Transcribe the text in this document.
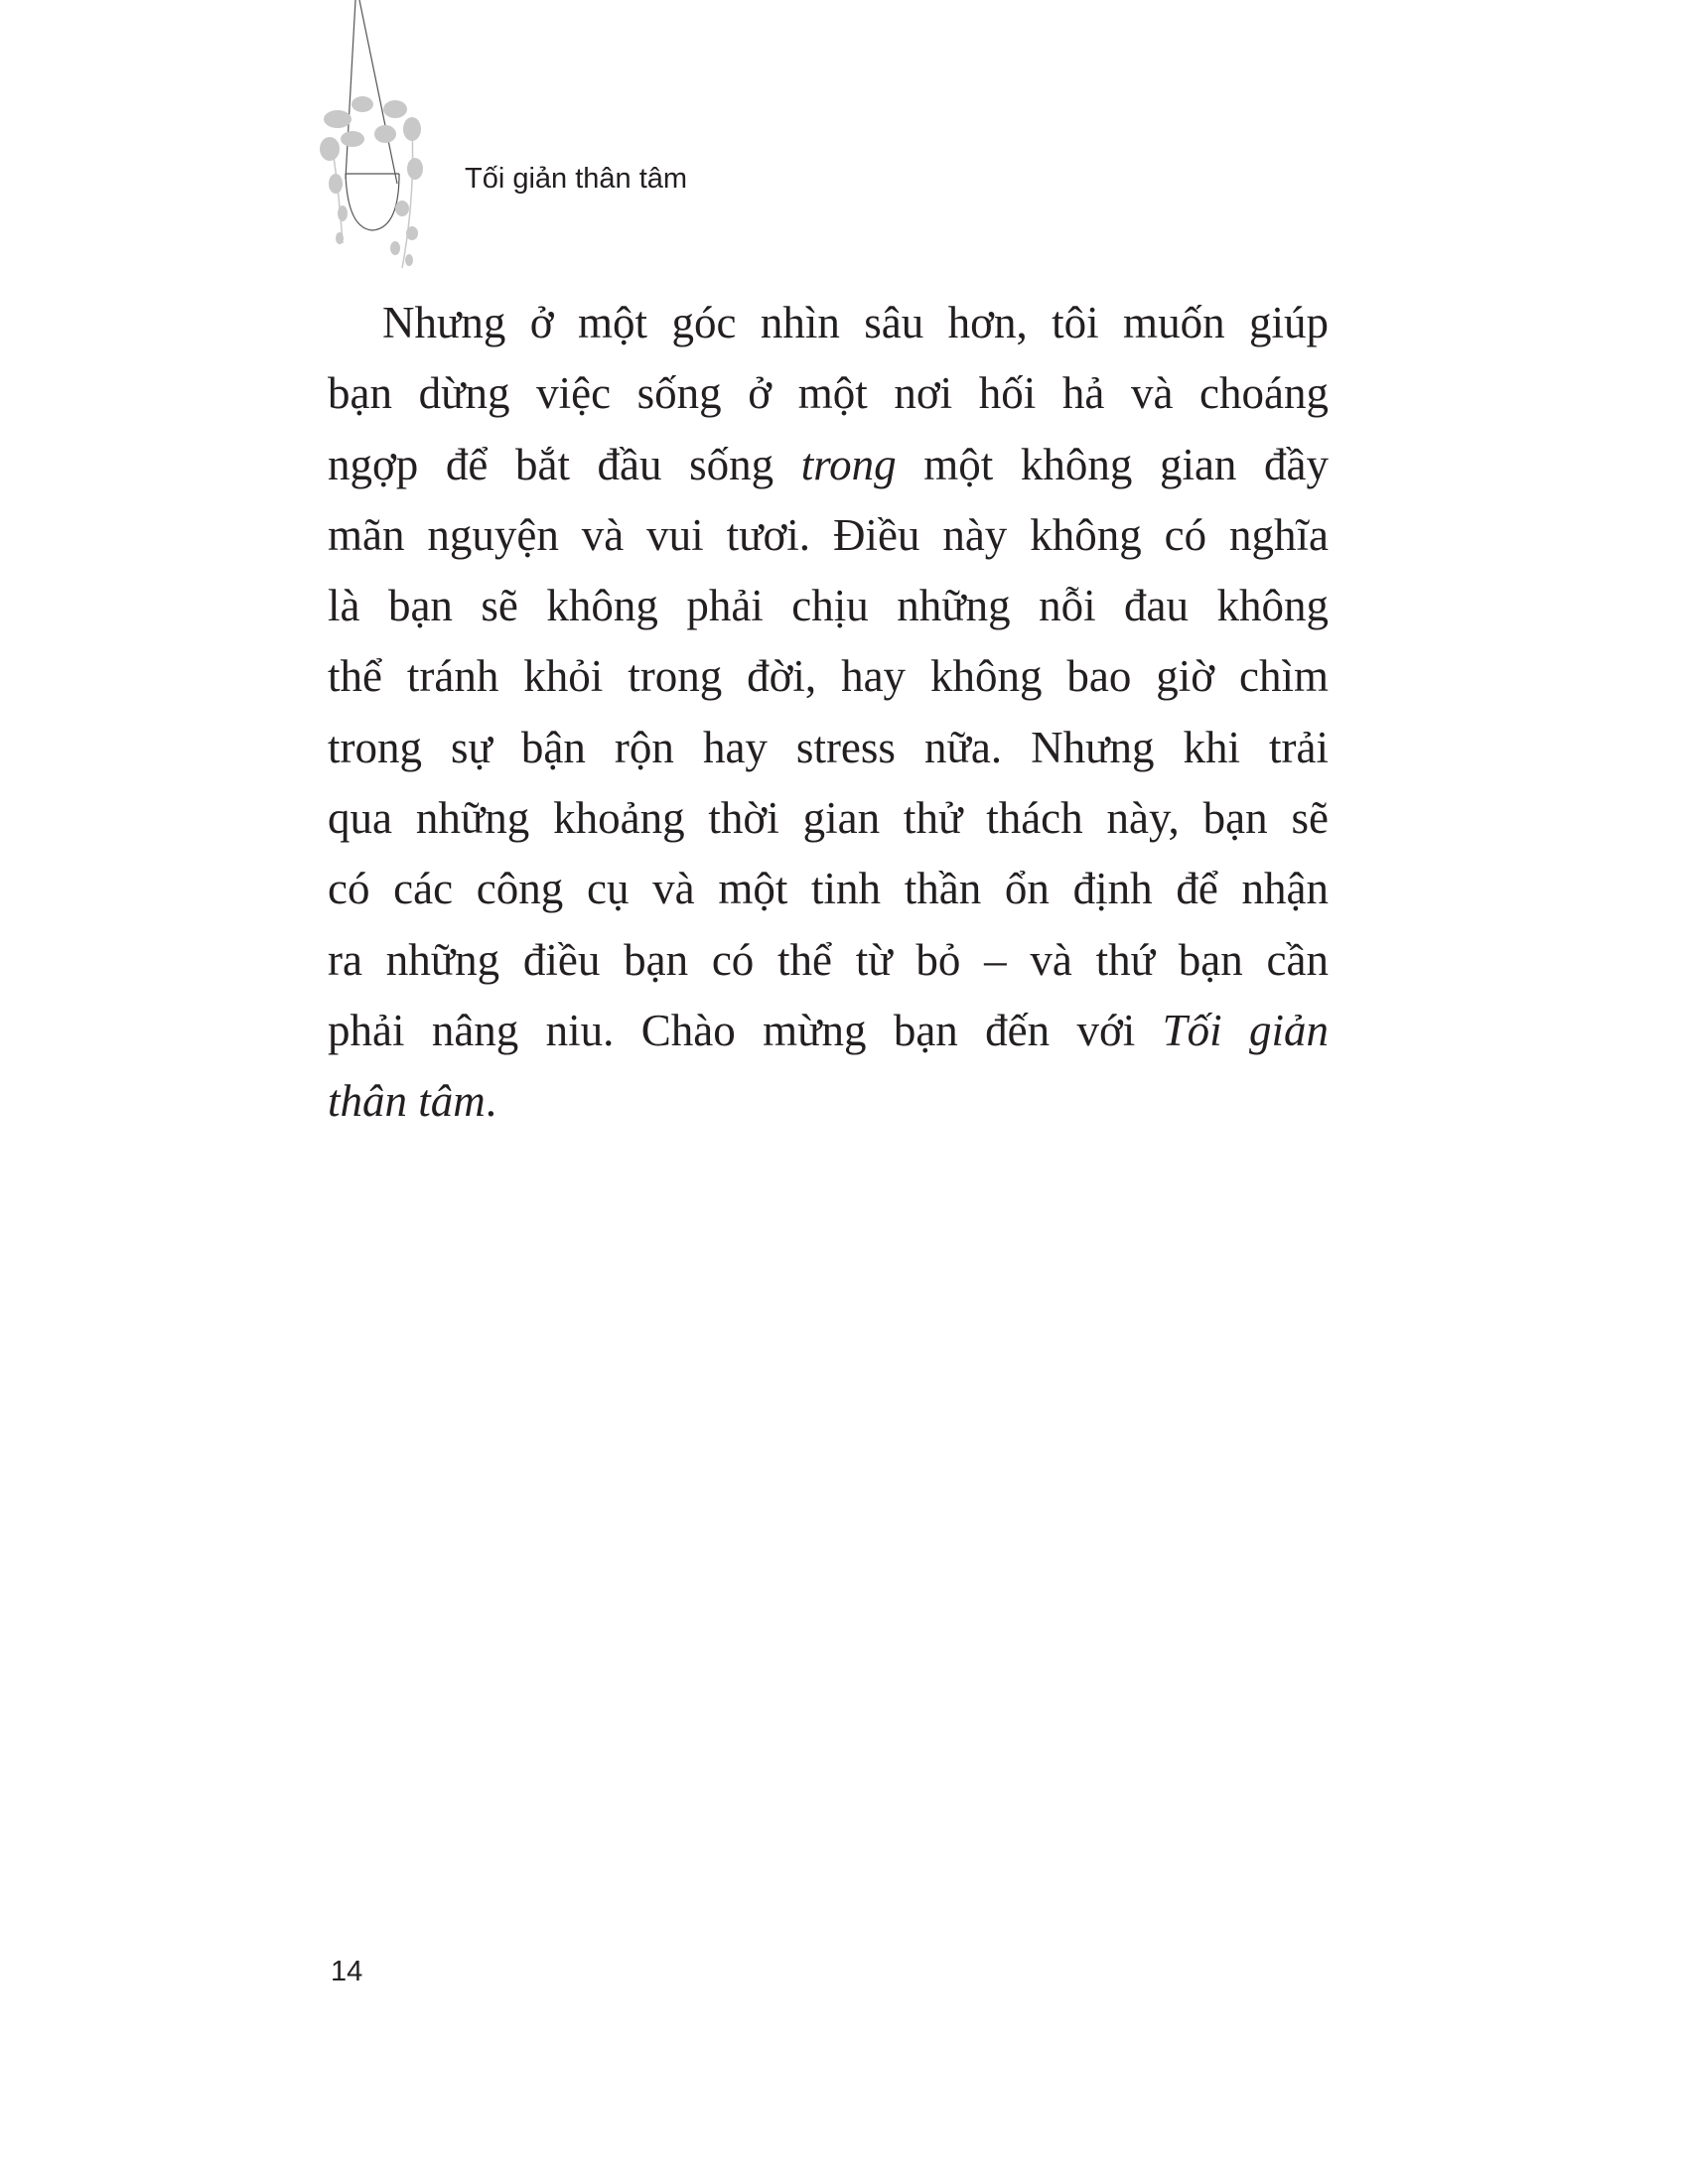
Tối giản thân tâm
Nhưng ở một góc nhìn sâu hơn, tôi muốn giúp
bạn dừng việc sống ở một nơi hối hả và choáng
ngợp để bắt đầu sống trong một không gian đầy
mãn nguyện và vui tươi. Điều này không có nghĩa
là bạn sẽ không phải chịu những nỗi đau không
thể tránh khỏi trong đời, hay không bao giờ chìm
trong sự bận rộn hay stress nữa. Nhưng khi trải
qua những khoảng thời gian thử thách này, bạn sẽ
có các công cụ và một tinh thần ổn định để nhận
ra những điều bạn có thể từ bỏ – và thứ bạn cần
phải nâng niu. Chào mừng bạn đến với Tối giản
thân tâm.
14
